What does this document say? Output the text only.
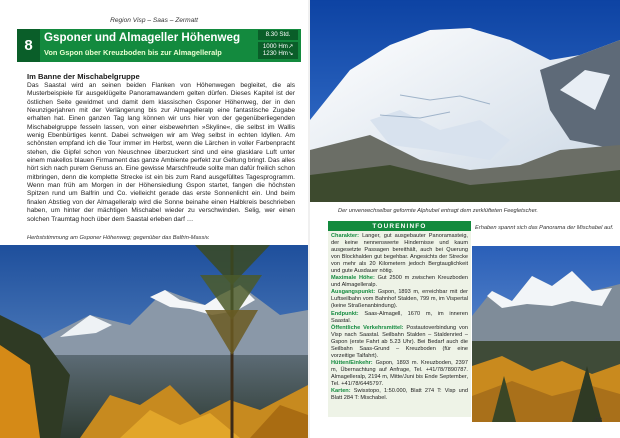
Region Visp – Saas – Zermatt
8 Gsponer und Almageller Höhenweg
Von Gspon über Kreuzboden bis zur Almagelleralp
8.30 Std.
1000 Hm↗
1230 Hm↘
Im Banne der Mischabelgruppe
Das Saastal wird an seinen beiden Flanken von Höhenwegen begleitet, die als Musterbeispiele für ausgeklügelte Panoramawandern gelten dürfen. Dieses Kapitel ist der östlichen Seite gewidmet und damit dem klassischen Gsponer Höhenweg, der in den Neunzigerjahren mit der Verlängerung bis zur Almagelleralp eine fantastische Zugabe erhalten hat. Einen ganzen Tag lang können wir uns hier von der gegenüberliegenden Mischabelgruppe fesseln lassen, von einer eisbewehrten »Skyline«, die selbst im Wallis wenig Ebenbürtiges kennt. Dabei schwelgen wir am Weg selbst in echten Idyllen. Am schönsten empfand ich die Tour immer im Herbst, wenn die Lärchen in voller Farbenpracht stehen, die Gipfel schon von Neuschnee überzuckert sind und eine glasklare Luft unter einem makellos blauen Firmament das ganze Ambiente perfekt zur Geltung bringt. Das alles hört sich nach purem Genuss an. Eine gewisse Marschfreude sollte man dafür freilich schon mitbringen, denn die komplette Strecke ist ein bis zum Rand ausgefülltes Tagesprogramm. Wenn man früh am Morgen in der Höhensiedlung Gspon startet, fangen die höchsten Spitzen rund um Balfrin und Co. vielleicht gerade das erste Sonnenlicht ein. Und beim finalen Abstieg von der Almagelleralp wird die Sonne beinahe einen Halbkreis beschrieben haben, um hinter der mächtigen Mischabel wieder zu verschwinden. Selig, wer einen solchen Traumtag hoch über dem Saastal erleben darf …
Herbststimmung am Gsponer Höhenweg; gegenüber das Balfrin-Massiv.
Der unverwechselbar geformte Alphubel entragt dem zerklüfteten Feegletscher.
TOURENINFO
Charakter: Langer, gut ausgebauter Panoramasteig, der keine nennenswerte Hindernisse und kaum ausgesetzte Passagen bereithält, auch bei Querung von Blockhalden gut begehbar. Angesichts der Strecke von mehr als 20 Kilometern jedoch Bergtauglichkeit und gute Ausdauer nötig.
Maximale Höhe: Gut 2500 m zwischen Kreuzboden und Almagelleralp.
Ausgangspunkt: Gspon, 1893 m, erreichbar mit der Luftseilbahn vom Bahnhof Stalden, 799 m, im Vispertal (keine Straßenanbindung).
Endpunkt: Saas-Almagell, 1670 m, im inneren Saastal.
Öffentliche Verkehrsmittel: Postautoverbindung von Visp nach Saastal. Seilbahn Stalden – Staldenried – Gspon (erste Fahrt ab 5.23 Uhr). Bei Bedarf auch die Seilbahn Saas-Grund – Kreuzboden (für eine vorzeitige Talfahrt).
Hütten/Einkehr: Gspon, 1893 m. Kreuzboden, 2397 m, Übernachtung auf Anfrage, Tel. +41/78/7890787. Almagelleralp, 2194 m, Mitte/Juni bis Ende September, Tel. +41/78/6445797.
Karten: Swisstopo, 1:50.000, Blatt 274 T: Visp und Blatt 284 T: Mischabel.
Erhaben spannt sich das Panorama der Mischabel auf.
53
